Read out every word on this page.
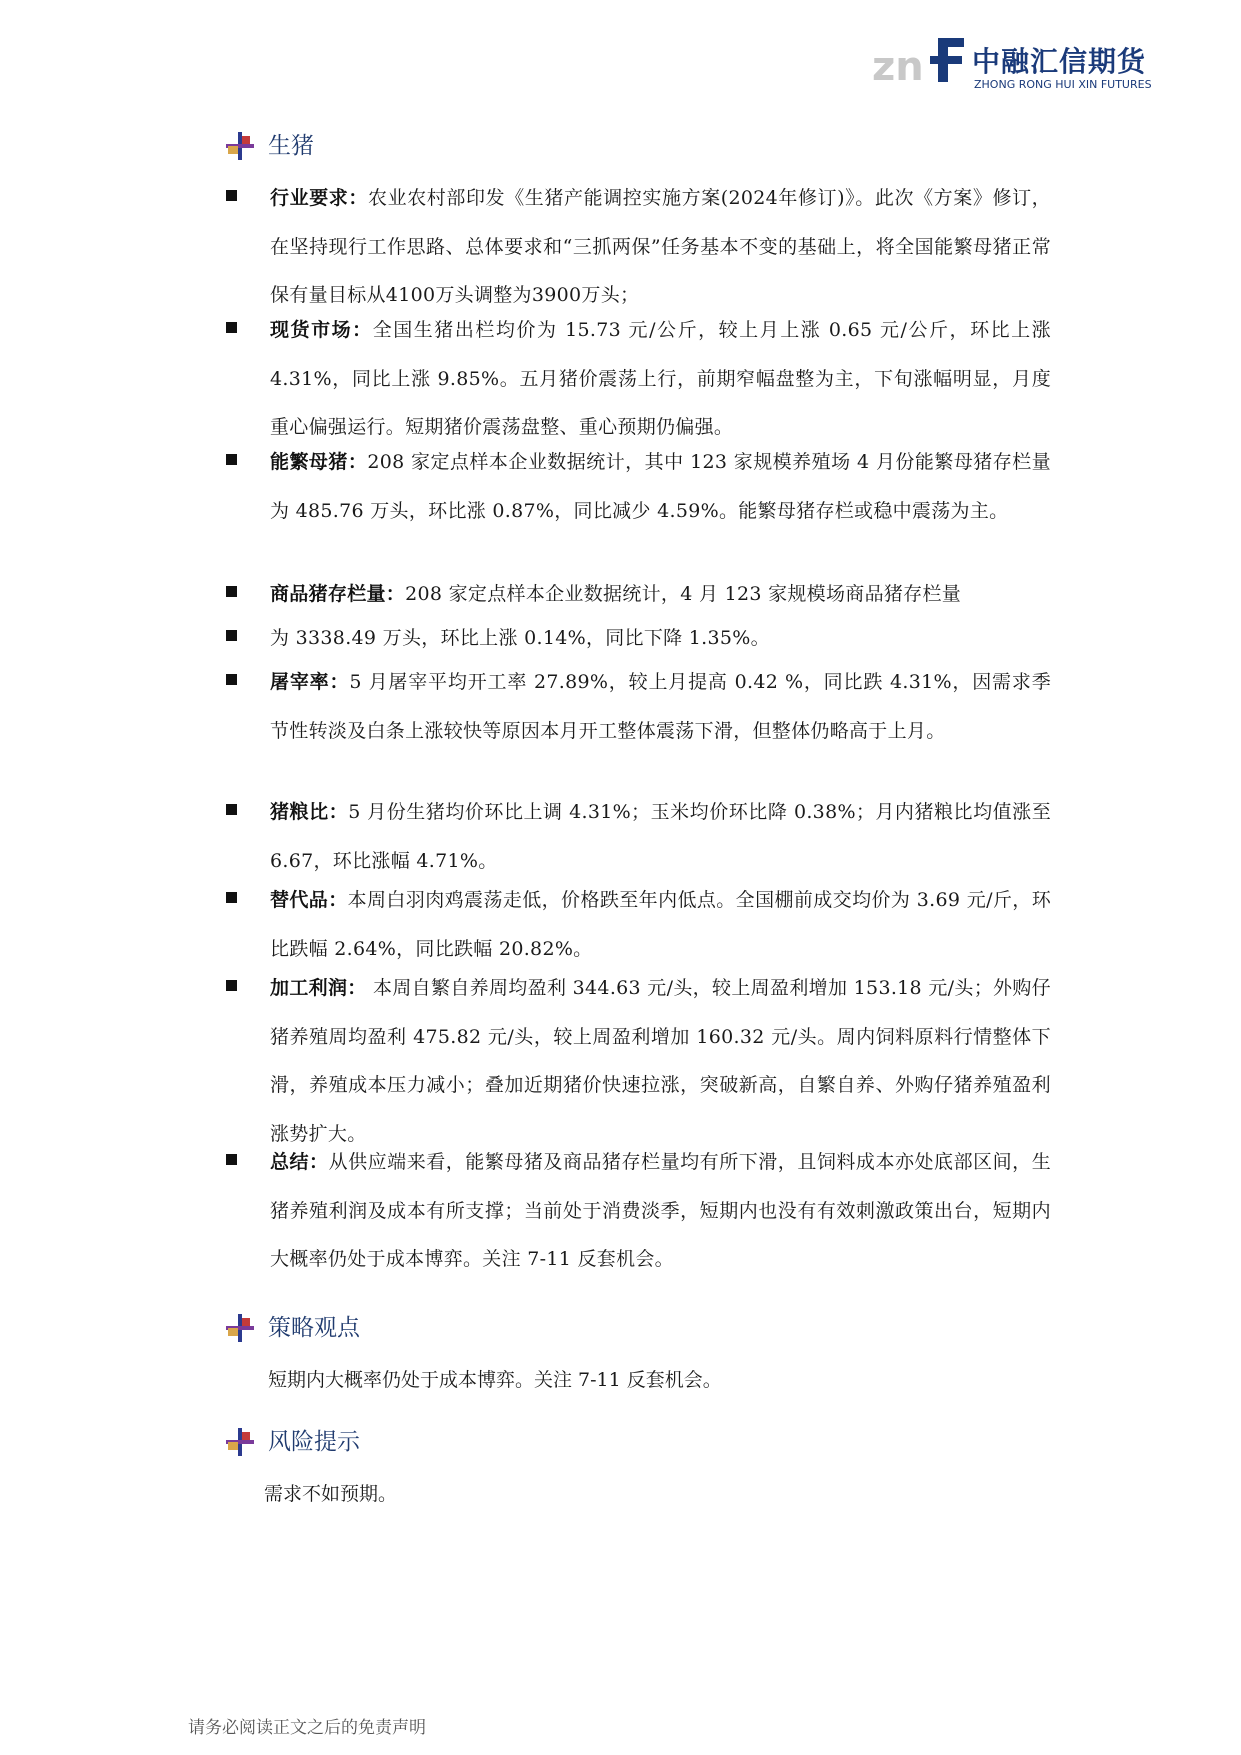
zn 中融汇信期货
ZHONG RONG HUI XIN FUTURES
生猪
行业要求：农业农村部印发《生猪产能调控实施方案(2024年修订)》。此次《方案》修订，在坚持现行工作思路、总体要求和“三抓两保”任务基本不变的基础上，将全国能繁母猪正常保有量目标从4100万头调整为3900万头；
现货市场：全国生猪出栏均价为 15.73 元/公斤，较上月上涨 0.65 元/公斤，环比上涨 4.31%，同比上涨 9.85%。五月猪价震荡上行，前期窄幅盘整为主，下旬涨幅明显，月度重心偏强运行。短期猪价震荡盘整、重心预期仍偏强。
能繁母猪：208 家定点样本企业数据统计，其中 123 家规模养殖场 4 月份能繁母猪存栏量为 485.76 万头，环比涨 0.87%，同比减少 4.59%。能繁母猪存栏或稳中震荡为主。
商品猪存栏量：208 家定点样本企业数据统计，4 月 123 家规模场商品猪存栏量
为 3338.49 万头，环比上涨 0.14%，同比下降 1.35%。
屠宰率：5 月屠宰平均开工率 27.89%，较上月提高 0.42 %，同比跌 4.31%，因需求季节性转淡及白条上涨较快等原因本月开工整体震荡下滑，但整体仍略高于上月。
猪粮比：5 月份生猪均价环比上调 4.31%；玉米均价环比降 0.38%；月内猪粮比均值涨至 6.67，环比涨幅 4.71%。
替代品：本周白羽肉鸡震荡走低，价格跌至年内低点。全国棚前成交均价为 3.69 元/斤，环比跌幅 2.64%，同比跌幅 20.82%。
加工利润： 本周自繁自养周均盈利 344.63 元/头，较上周盈利增加 153.18 元/头；外购仔猪养殖周均盈利 475.82 元/头，较上周盈利增加 160.32 元/头。周内饲料原料行情整体下滑，养殖成本压力减小；叠加近期猪价快速拉涨，突破新高，自繁自养、外购仔猪养殖盈利涨势扩大。
总结：从供应端来看，能繁母猪及商品猪存栏量均有所下滑，且饲料成本亦处底部区间，生猪养殖利润及成本有所支撑；当前处于消费淡季，短期内也没有有效刺激政策出台，短期内大概率仍处于成本博弈。关注 7-11 反套机会。
策略观点
短期内大概率仍处于成本博弈。关注 7-11 反套机会。
风险提示
需求不如预期。
请务必阅读正文之后的免责声明
